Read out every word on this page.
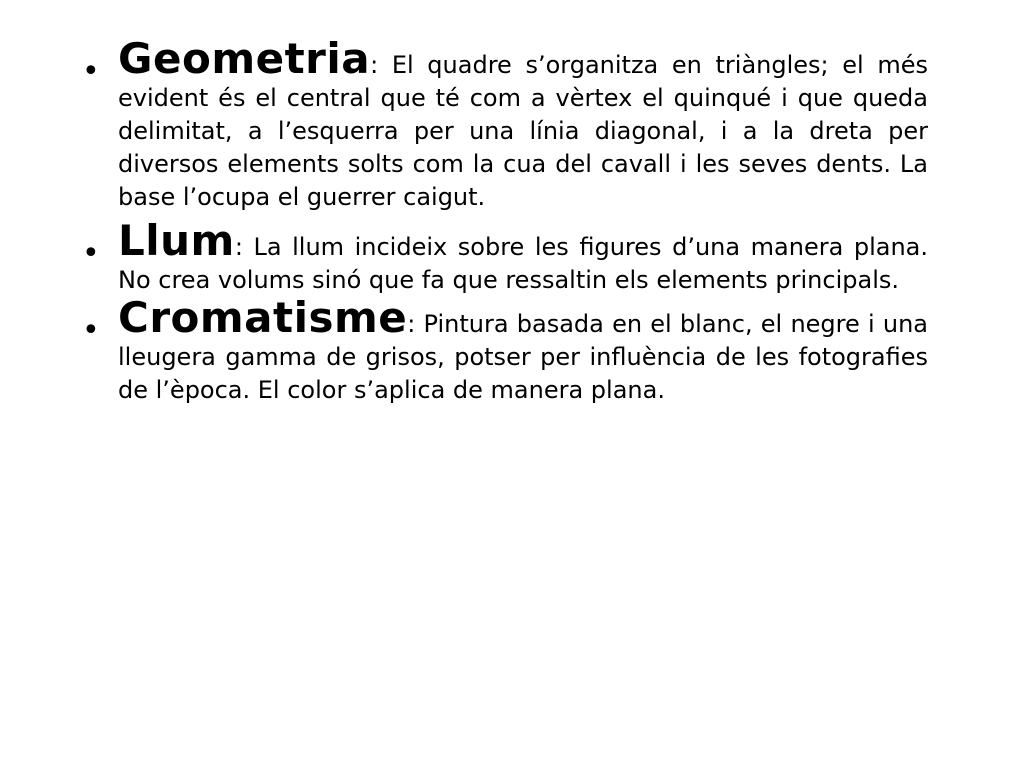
• Geometria: El quadre s’organitza en triàngles; el més evident és el central que té com a vèrtex el quinqué i que queda delimitat, a l’esquerra per una línia diagonal, i a la dreta per diversos elements solts com la cua del cavall i les seves dents. La base l’ocupa el guerrer caigut.
• Llum: La llum incideix sobre les figures d’una manera plana. No crea volums sinó que fa que ressaltin els elements principals.
• Cromatisme: Pintura basada en el blanc, el negre i una lleugera gamma de grisos, potser per influència de les fotografies de l’època. El color s’aplica de manera plana.
